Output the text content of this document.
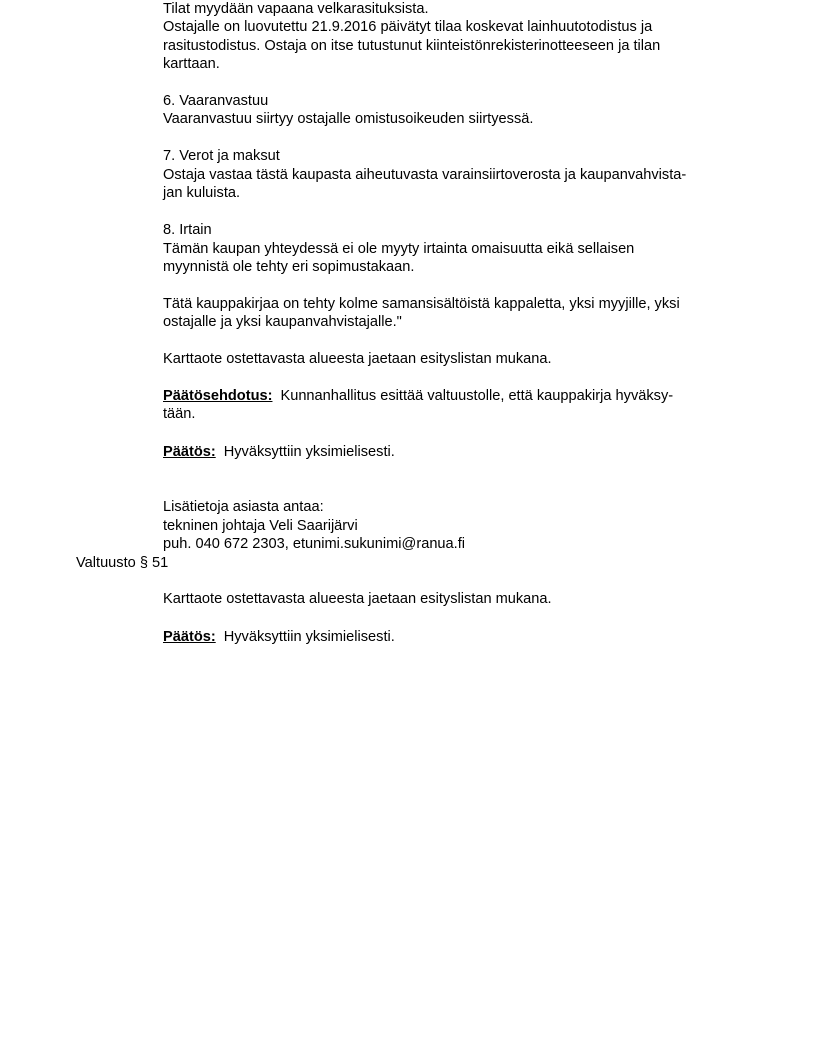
Tilat myydään vapaana velkarasituksista.
Ostajalle on luovutettu 21.9.2016 päivätyt tilaa koskevat lainhuutotodistus ja
rasitustodistus. Ostaja on itse tutustunut kiinteistönrekisterinotteeseen ja tilan
karttaan.
6. Vaaranvastuu
Vaaranvastuu siirtyy ostajalle omistusoikeuden siirtyessä.
7. Verot ja maksut
Ostaja vastaa tästä kaupasta aiheutuvasta varainsiirtoverosta ja kaupanvahvista-
jan kuluista.
8. Irtain
Tämän kaupan yhteydessä ei ole myyty irtainta omaisuutta eikä sellaisen
myynnistä ole tehty eri sopimustakaan.
Tätä kauppakirjaa on tehty kolme samansisältöistä kappaletta, yksi myyjille, yksi
ostajalle ja yksi kaupanvahvistajalle."
Karttaote ostettavasta alueesta jaetaan esityslistan mukana.
Päätösehdotus: Kunnanhallitus esittää valtuustolle, että kauppakirja hyväksy-
tään.
Päätös: Hyväksyttiin yksimielisesti.
Lisätietoja asiasta antaa:
tekninen johtaja Veli Saarijärvi
puh. 040 672 2303, etunimi.sukunimi@ranua.fi
Valtuusto § 51
Karttaote ostettavasta alueesta jaetaan esityslistan mukana.
Päätös: Hyväksyttiin yksimielisesti.
